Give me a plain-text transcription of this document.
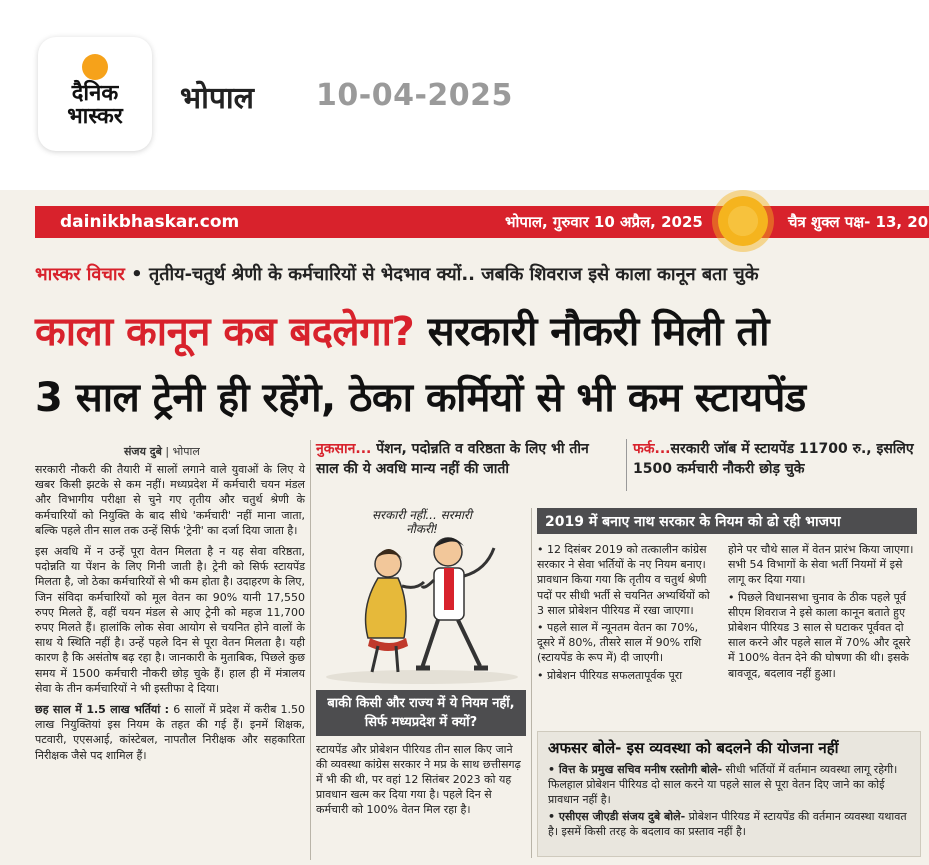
दैनिक
भास्कर
भोपाल 10-04-2025
dainikbhaskar.com	भोपाल, गुरुवार 10 अप्रैल, 2025	चैत्र शुक्ल पक्ष- 13, 20
भास्कर विचार • तृतीय-चतुर्थ श्रेणी के कर्मचारियों से भेदभाव क्यों.. जबकि शिवराज इसे काला कानून बता चुके
काला कानून कब बदलेगा? सरकारी नौकरी मिली तो
3 साल ट्रेनी ही रहेंगे, ठेका कर्मियों से भी कम स्टायपेंड
संजय दुबे | भोपाल

सरकारी नौकरी की तैयारी में सालों लगाने वाले युवाओं के लिए ये खबर किसी झटके से कम नहीं। मध्यप्रदेश में कर्मचारी चयन मंडल और विभागीय परीक्षा से चुने गए तृतीय और चतुर्थ श्रेणी के कर्मचारियों को नियुक्ति के बाद सीधे 'कर्मचारी' नहीं माना जाता, बल्कि पहले तीन साल तक उन्हें सिर्फ 'ट्रेनी' का दर्जा दिया जाता है।

इस अवधि में न उन्हें पूरा वेतन मिलता है न यह सेवा वरिष्ठता, पदोन्नति या पेंशन के लिए गिनी जाती है। ट्रेनी को सिर्फ स्टायपेंड मिलता है, जो ठेका कर्मचारियों से भी कम होता है। उदाहरण के लिए, जिन संविदा कर्मचारियों को मूल वेतन का 90% यानी 17,550 रुपए मिलते हैं, वहीं चयन मंडल से आए ट्रेनी को महज 11,700 रुपए मिलते हैं। हालांकि लोक सेवा आयोग से चयनित होने वालों के साथ ये स्थिति नहीं है। उन्हें पहले दिन से पूरा वेतन मिलता है। यही कारण है कि असंतोष बढ़ रहा है। जानकारी के मुताबिक, पिछले कुछ समय में 1500 कर्मचारी नौकरी छोड़ चुके हैं। हाल ही में मंत्रालय सेवा के तीन कर्मचारियों ने भी इस्तीफा दे दिया।

छह साल में 1.5 लाख भर्तियां : 6 सालों में प्रदेश में करीब 1.50 लाख नियुक्तियां इस नियम के तहत की गई हैं। इनमें शिक्षक, पटवारी, एएसआई, कांस्टेबल, नापतौल निरीक्षक और सहकारिता निरीक्षक जैसे पद शामिल हैं।

नुकसान... पेंशन, पदोन्नति व वरिष्ठता के लिए भी तीन साल की ये अवधि मान्य नहीं की जाती
फर्क...सरकारी जॉब में स्टायपेंड 11700 रु., इसलिए 1500 कर्मचारी नौकरी छोड़ चुके
सरकारी नहीं... सरमारी नौकरी!
बाकी किसी और राज्य में ये नियम नहीं, सिर्फ मध्यप्रदेश में क्यों?
स्टायपेंड और प्रोबेशन पीरियड तीन साल किए जाने की व्यवस्था कांग्रेस सरकार ने मप्र के साथ छत्तीसगढ़ में भी की थी, पर वहां 12 सितंबर 2023 को यह प्रावधान खत्म कर दिया गया है। पहले दिन से कर्मचारी को 100% वेतन मिल रहा है।
2019 में बनाए नाथ सरकार के नियम को ढो रही भाजपा

• 12 दिसंबर 2019 को तत्कालीन कांग्रेस सरकार ने सेवा भर्तियों के नए नियम बनाए। प्रावधान किया गया कि तृतीय व चतुर्थ श्रेणी पदों पर सीधी भर्ती से चयनित अभ्यर्थियों को 3 साल प्रोबेशन पीरियड में रखा जाएगा।

• पहले साल में न्यूनतम वेतन का 70%, दूसरे में 80%, तीसरे साल में 90% राशि (स्टायपेंड के रूप में) दी जाएगी।

• प्रोबेशन पीरियड सफलतापूर्वक पूरा

होने पर चौथे साल में वेतन प्रारंभ किया जाएगा। सभी 54 विभागों के सेवा भर्ती नियमों में इसे लागू कर दिया गया।

• पिछले विधानसभा चुनाव के ठीक पहले पूर्व सीएम शिवराज ने इसे काला कानून बताते हुए प्रोबेशन पीरियड 3 साल से घटाकर पूर्ववत दो साल करने और पहले साल में 70% और दूसरे में 100% वेतन देने की घोषणा की थी। इसके बावजूद, बदलाव नहीं हुआ।

अफसर बोले- इस व्यवस्था को बदलने की योजना नहीं

• वित्त के प्रमुख सचिव मनीष रस्तोगी बोले- सीधी भर्तियों में वर्तमान व्यवस्था लागू रहेगी। फिलहाल प्रोबेशन पीरियड दो साल करने या पहले साल से पूरा वेतन दिए जाने का कोई प्रावधान नहीं है।

• एसीएस जीएडी संजय दुबे बोले- प्रोबेशन पीरियड में स्टायपेंड की वर्तमान व्यवस्था यथावत है। इसमें किसी तरह के बदलाव का प्रस्ताव नहीं है।
